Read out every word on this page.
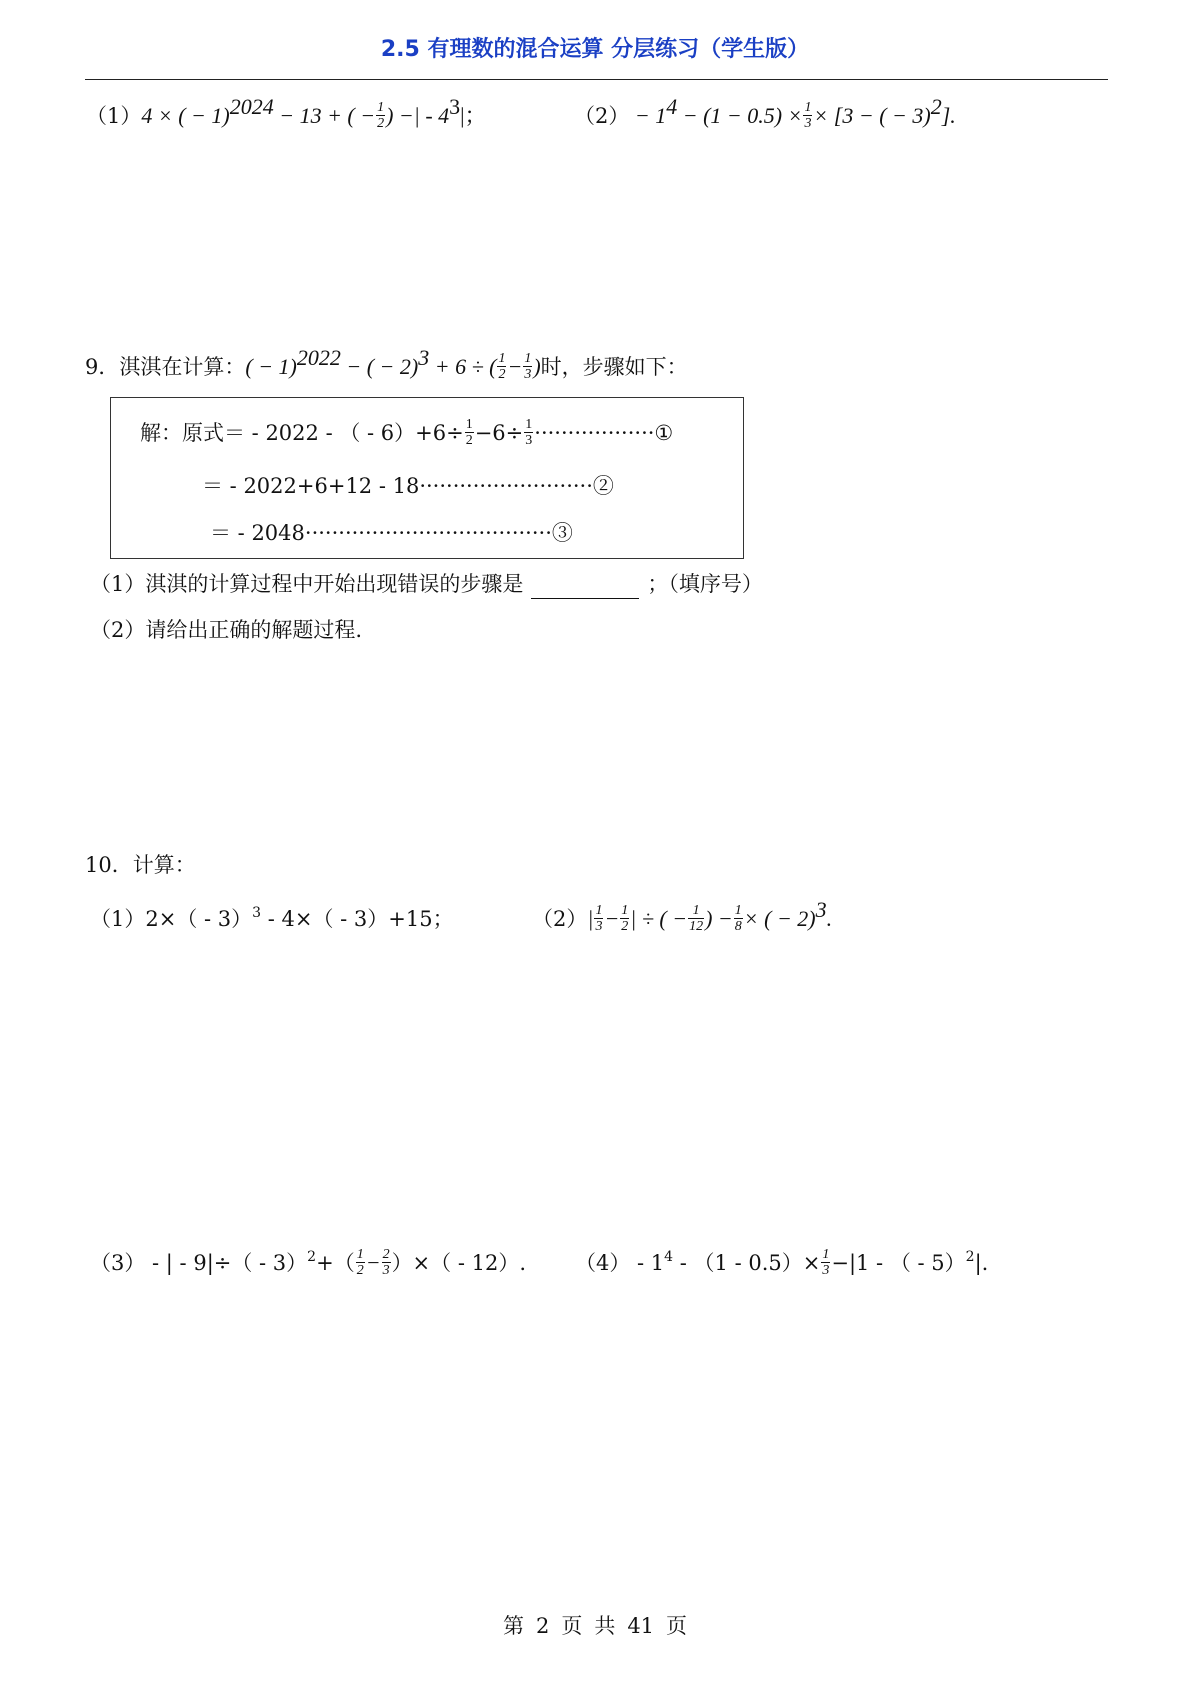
2.5 有理数的混合运算 分层练习（学生版）
（1）4 × ( − 1)$^{2024}$ − 13 + ( − $\frac{1}{2}$ ) −| - $4^3|$；	$(2) - 1^4 - (1 - 0.5) \times \frac{1}{3} \times [3$ − ( − 3)$^2$].
9．淇淇在计算：( − 1)$^{2022}$ − ( − 2)$^3$ + 6 ÷ ( $\frac{1}{2} - \frac{1}{3}$ )时，步骤如下：
解：原式＝ - 2022 - （ - $6)+6\div \frac{1}{2} -6\div \frac{1}{3}$ ··················①
＝ - 2022+6+12 - 18··························②
＝ - 2048·····································③
（1）淇淇的计算过程中开始出现错误的步骤是	；（填序号）
（2）请给出正确的解题过程.
10．计算：
（1）2×（ - 3）$^3$ - 4×（ - 3）+15；	$(2)| \frac{1}{3} - \frac{1}{2}$ | ÷ ( − $\frac{1}{12}$ ) − $\frac{1}{8}$ × ( − 2)$^3$.
（3） - | - $9|\div( - 3)^2+( \frac{1}{2} - \frac{2}{3}$ ）×（ - 12）. $(4) - 1^4 - (1 - 0.5)\times \frac{1}{3} -|1$ - （ - 5）$^2$|.
第 2 页 共 41 页
